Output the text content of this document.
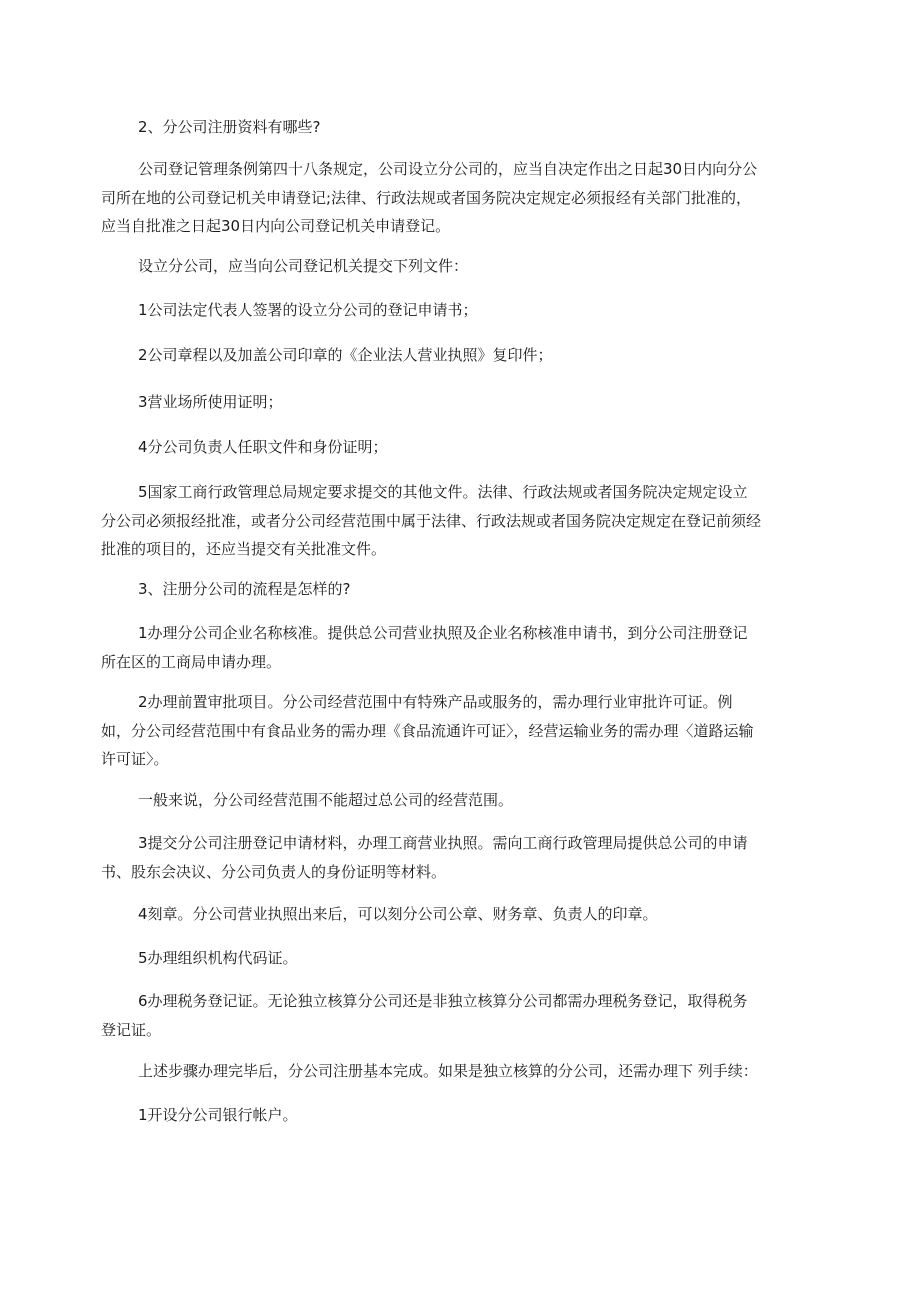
2、分公司注册资料有哪些?

公司登记管理条例第四十八条规定，公司设立分公司的，应当自决定作出之日起30日内向分公司所在地的公司登记机关申请登记;法律、行政法规或者国务院决定规定必须报经有关部门批准的，应当自批准之日起30日内向公司登记机关申请登记。

设立分公司，应当向公司登记机关提交下列文件：

1公司法定代表人签署的设立分公司的登记申请书；

2公司章程以及加盖公司印章的《企业法人营业执照》复印件；

3营业场所使用证明；

4分公司负责人任职文件和身份证明；

5国家工商行政管理总局规定要求提交的其他文件。法律、行政法规或者国务院决定规定设立分公司必须报经批准，或者分公司经营范围中属于法律、行政法规或者国务院决定规定在登记前须经批准的项目的，还应当提交有关批准文件。

3、注册分公司的流程是怎样的?

1办理分公司企业名称核准。提供总公司营业执照及企业名称核准申请书，到分公司注册登记所在区的工商局申请办理。

2办理前置审批项目。分公司经营范围中有特殊产品或服务的，需办理行业审批许可证。例如，分公司经营范围中有食品业务的需办理《食品流通许可证〉，经营运输业务的需办理〈道路运输许可证〉。

一般来说，分公司经营范围不能超过总公司的经营范围。

3提交分公司注册登记申请材料，办理工商营业执照。需向工商行政管理局提供总公司的申请书、股东会决议、分公司负责人的身份证明等材料。

4刻章。分公司营业执照出来后，可以刻分公司公章、财务章、负责人的印章。

5办理组织机构代码证。

6办理税务登记证。无论独立核算分公司还是非独立核算分公司都需办理税务登记，取得税务登记证。

上述步骤办理完毕后，分公司注册基本完成。如果是独立核算的分公司，还需办理下 列手续：

1开设分公司银行帐户。
